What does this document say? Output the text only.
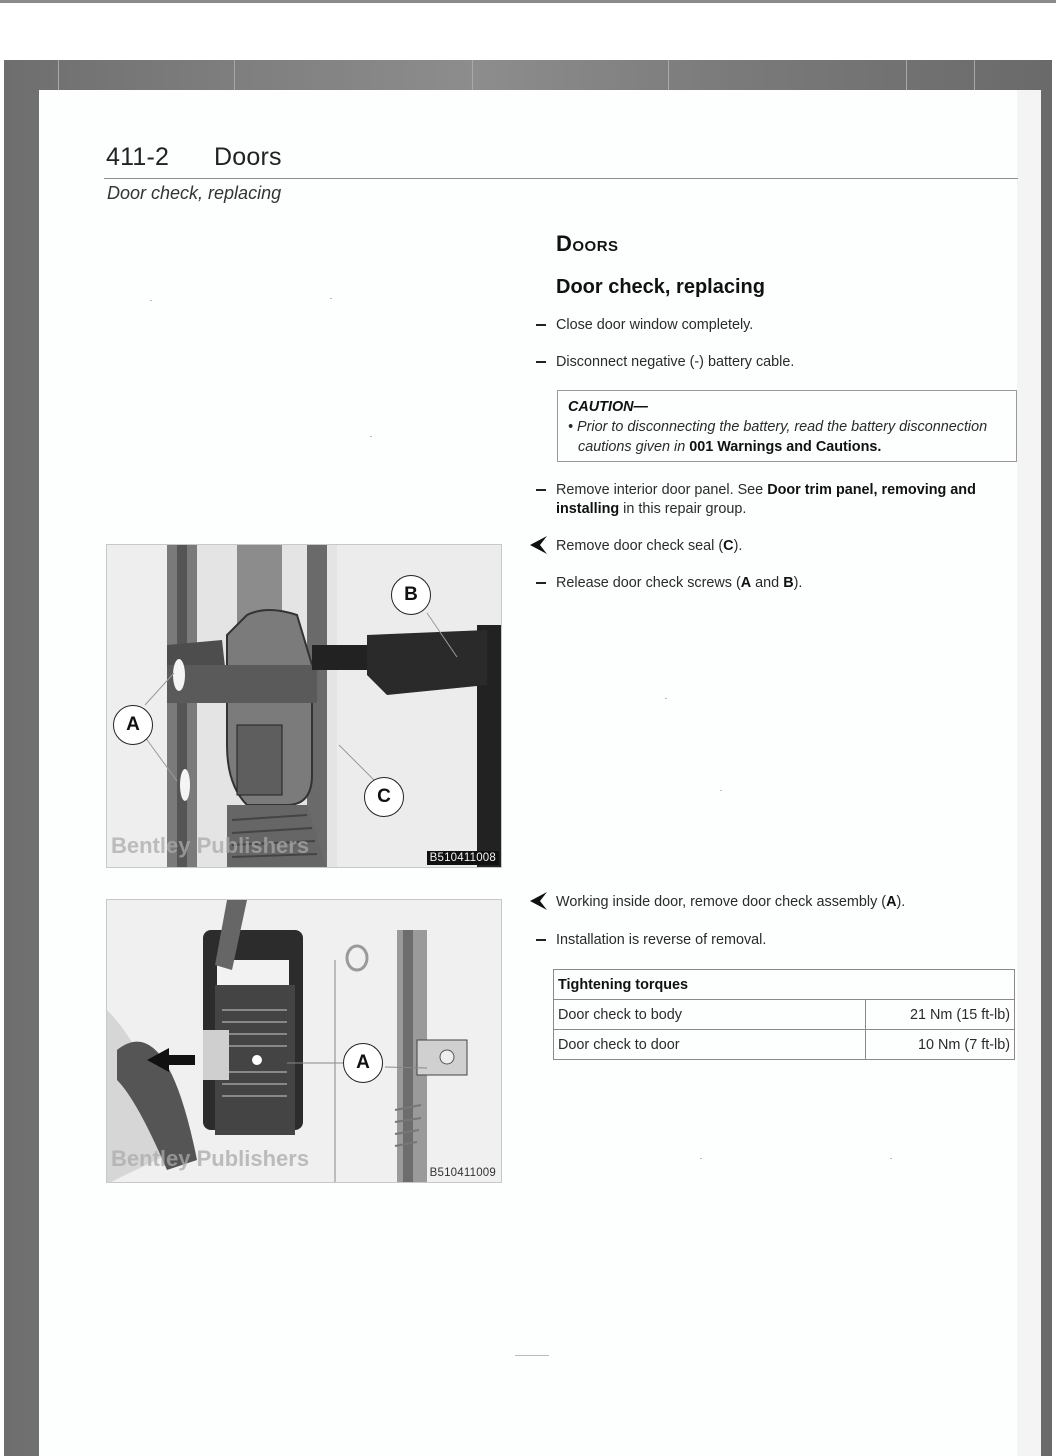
411-2 Doors
Door check, replacing
Doors
Door check, replacing
Close door window completely.
Disconnect negative (-) battery cable.
CAUTION—
• Prior to disconnecting the battery, read the battery disconnection cautions given in 001 Warnings and Cautions.
Remove interior door panel. See Door trim panel, removing and installing in this repair group.
Remove door check seal (C).
Release door check screws (A and B).
Working inside door, remove door check assembly (A).
Installation is reverse of removal.
Tightening torques	
Door check to body	21 Nm (15 ft-lb)
Door check to door	10 Nm (7 ft-lb)
A
B
C
Bentley Publishers	B510411008
A
Bentley Publishers
B510411009
